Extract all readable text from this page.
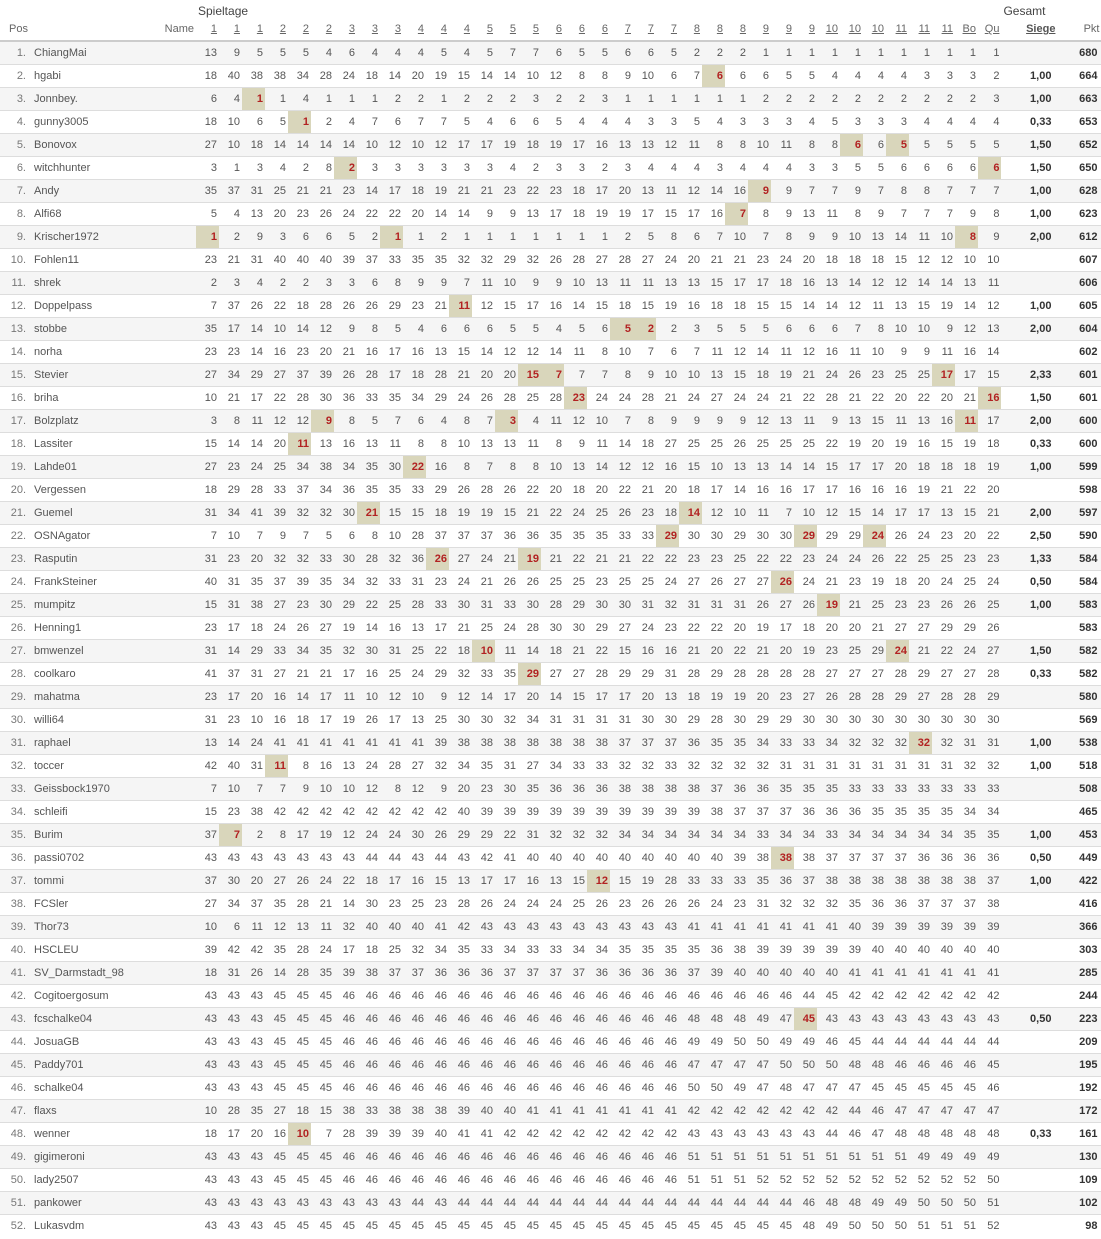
		Spieltage																																			Gesamt	
Pos	Name	1	1	1	2	2	2	3	3	3	4	4	4	5	5	5	6	6	6	7	7	7	8	8	8	9	9	9	10	10	10	11	11	11	Bo	Qu	Siege	Pkt
1.	ChiangMai	13	9	5	5	5	4	6	4	4	4	5	4	5	7	7	6	5	5	6	6	5	2	2	2	1	1	1	1	1	1	1	1	1	1	1		680
2.	hgabi	18	40	38	38	34	28	24	18	14	20	19	15	14	14	10	12	8	8	9	10	6	7	6	6	6	5	5	4	4	4	4	3	3	3	2	1,00	664
3.	Jonnbey.	6	4	1	1	4	1	1	1	2	2	1	2	2	2	3	2	2	3	1	1	1	1	1	1	2	2	2	2	2	2	2	2	2	2	3	1,00	663
4.	gunny3005	18	10	6	5	1	2	4	7	6	7	7	5	4	6	6	5	4	4	4	3	3	5	4	3	3	3	4	5	3	3	3	4	4	4	4	0,33	653
5.	Bonovox	27	10	18	14	14	14	14	10	12	10	12	17	17	19	18	19	17	16	13	13	12	11	8	8	10	11	8	8	6	6	5	5	5	5	5	1,50	652
6.	witchhunter	3	1	3	4	2	8	2	3	3	3	3	3	3	4	2	3	3	2	3	4	4	4	3	4	4	4	3	3	5	5	6	6	6	6	6	1,50	650
7.	Andy	35	37	31	25	21	21	23	14	17	18	19	21	21	23	22	23	18	17	20	13	11	12	14	16	9	9	7	7	9	7	8	8	7	7	7	1,00	628
8.	Alfi68	5	4	13	20	23	26	24	22	22	20	14	14	9	9	13	17	18	19	19	17	15	17	16	7	8	9	13	11	8	9	7	7	7	9	8	1,00	623
9.	Krischer1972	1	2	9	3	6	6	5	2	1	1	2	1	1	1	1	1	1	1	2	5	8	6	7	10	7	8	9	9	10	13	14	11	10	8	9	2,00	612
10.	Fohlen11	23	21	31	40	40	40	39	37	33	35	35	32	32	29	32	26	28	27	28	27	24	20	21	21	23	24	20	18	18	18	15	12	12	10	10		607
11.	shrek	2	3	4	2	2	3	3	6	8	9	9	7	11	10	9	9	10	13	11	11	13	13	15	17	17	18	16	13	14	12	12	14	14	13	11		606
12.	Doppelpass	7	37	26	22	18	28	26	26	29	23	21	11	12	15	17	16	14	15	18	15	19	16	18	18	15	15	14	14	12	11	13	15	19	14	12	1,00	605
13.	stobbe	35	17	14	10	14	12	9	8	5	4	6	6	6	5	5	4	5	6	5	2	2	3	5	5	5	6	6	6	7	8	10	10	9	12	13	2,00	604
14.	norha	23	23	14	16	23	20	21	16	17	16	13	15	14	12	12	14	11	8	10	7	6	7	11	12	14	11	12	16	11	10	9	9	11	16	14		602
15.	Stevier	27	34	29	27	37	39	26	28	17	18	28	21	20	20	15	7	7	7	8	9	10	10	13	15	18	19	21	24	26	23	25	25	17	17	15	2,33	601
16.	briha	10	21	17	22	28	30	36	33	35	34	29	24	26	28	25	28	23	24	24	28	21	24	27	24	24	21	22	28	21	22	20	22	20	21	16	1,50	601
17.	Bolzplatz	3	8	11	12	12	9	8	5	7	6	4	8	7	3	4	11	12	10	7	8	9	9	9	9	12	13	11	9	13	15	11	13	16	11	17	2,00	600
18.	Lassiter	15	14	14	20	11	13	16	13	11	8	8	10	13	13	11	8	9	11	14	18	27	25	25	26	25	25	25	22	19	20	19	16	15	19	18	0,33	600
19.	Lahde01	27	23	24	25	34	38	34	35	30	22	16	8	7	8	8	10	13	14	12	12	16	15	10	13	13	14	14	15	17	17	20	18	18	18	19	1,00	599
20.	Vergessen	18	29	28	33	37	34	36	35	35	33	29	26	28	26	22	20	18	20	22	21	20	18	17	14	16	16	17	17	16	16	16	19	21	22	20		598
21.	Guemel	31	34	41	39	32	32	30	21	15	15	18	19	19	15	21	22	24	25	26	23	18	14	12	10	11	7	10	12	15	14	17	17	13	15	21	2,00	597
22.	OSNAgator	7	10	7	9	7	5	6	8	10	28	37	37	37	36	36	35	35	35	33	33	29	30	30	29	30	30	29	29	29	24	26	24	23	20	22	2,50	590
23.	Rasputin	31	23	20	32	32	33	30	28	32	36	26	27	24	21	19	21	22	21	21	22	22	23	23	25	22	22	23	24	24	26	22	25	25	23	23	1,33	584
24.	FrankSteiner	40	31	35	37	39	35	34	32	33	31	23	24	21	26	26	25	25	23	25	25	24	27	26	27	27	26	24	21	23	19	18	20	24	25	24	0,50	584
25.	mumpitz	15	31	38	27	23	30	29	22	25	28	33	30	31	33	30	28	29	30	30	31	32	31	31	31	26	27	26	19	21	25	23	23	26	26	25	1,00	583
26.	Henning1	23	17	18	24	26	27	19	14	16	13	17	21	25	24	28	30	30	29	27	24	23	22	22	20	19	17	18	20	20	21	27	27	29	29	26		583
27.	bmwenzel	31	14	29	33	34	35	32	30	31	25	22	18	10	11	14	18	21	22	15	16	16	21	20	22	21	20	19	23	25	29	24	21	22	24	27	1,50	582
28.	coolkaro	41	37	31	27	21	21	17	16	25	24	29	32	33	35	29	27	27	28	29	29	31	28	29	28	28	28	28	27	27	27	28	29	27	27	28	0,33	582
29.	mahatma	23	17	20	16	14	17	11	10	12	10	9	12	14	17	20	14	15	17	17	20	13	18	19	19	20	23	27	26	28	28	29	27	28	28	29		580
30.	willi64	31	23	10	16	18	17	19	26	17	13	25	30	30	32	34	31	31	31	31	30	30	29	28	30	29	29	30	30	30	30	30	30	30	30	30		569
31.	raphael	13	14	24	41	41	41	41	41	41	41	39	38	38	38	38	38	38	38	37	37	37	36	35	35	34	33	33	34	32	32	32	32	32	31	31	1,00	538
32.	toccer	42	40	31	11	8	16	13	24	28	27	32	34	35	31	27	34	33	33	32	32	33	32	32	32	32	31	31	31	31	31	31	31	31	32	32	1,00	518
33.	Geissbock1970	7	10	7	7	9	10	10	12	8	12	9	20	23	30	35	36	36	36	38	38	38	38	37	36	36	35	35	35	33	33	33	33	33	33	33		508
34.	schleifi	15	23	38	42	42	42	42	42	42	42	42	40	39	39	39	39	39	39	39	39	39	39	38	37	37	37	36	36	36	35	35	35	35	34	34		465
35.	Burim	37	7	2	8	17	19	12	24	24	30	26	29	29	22	31	32	32	32	34	34	34	34	34	34	33	34	34	33	34	34	34	34	34	35	35	1,00	453
36.	passi0702	43	43	43	43	43	43	43	44	44	43	44	43	42	41	40	40	40	40	40	40	40	40	40	39	38	38	38	37	37	37	37	36	36	36	36	0,50	449
37.	tommi	37	30	20	27	26	24	22	18	17	16	15	13	17	17	16	13	15	12	15	19	28	33	33	33	35	36	37	38	38	38	38	38	38	38	37	1,00	422
38.	FCSler	27	34	37	35	28	21	14	30	23	25	23	28	26	24	24	24	25	26	23	26	26	26	24	23	31	32	32	32	35	36	36	37	37	37	38		416
39.	Thor73	10	6	11	12	13	11	32	40	40	40	41	42	43	43	43	43	43	43	43	43	43	41	41	41	41	41	41	41	40	39	39	39	39	39	39		366
40.	HSCLEU	39	42	42	35	28	24	17	18	25	32	34	35	33	34	33	33	34	34	35	35	35	35	36	38	39	39	39	39	39	40	40	40	40	40	40		303
41.	SV_Darmstadt_98	18	31	26	14	28	35	39	38	37	37	36	36	36	37	37	37	37	36	36	36	36	37	39	40	40	40	40	40	41	41	41	41	41	41	41		285
42.	Cogitoergosum	43	43	43	45	45	45	46	46	46	46	46	46	46	46	46	46	46	46	46	46	46	46	46	46	46	46	44	45	42	42	42	42	42	42	42		244
43.	fcschalke04	43	43	43	45	45	45	46	46	46	46	46	46	46	46	46	46	46	46	46	46	46	48	48	48	49	47	45	43	43	43	43	43	43	43	43	0,50	223
44.	JosuaGB	43	43	43	45	45	45	46	46	46	46	46	46	46	46	46	46	46	46	46	46	46	49	49	50	50	49	49	46	45	44	44	44	44	44	44		209
45.	Paddy701	43	43	43	45	45	45	46	46	46	46	46	46	46	46	46	46	46	46	46	46	46	47	47	47	47	50	50	50	48	48	46	46	46	46	45		195
46.	schalke04	43	43	43	45	45	45	46	46	46	46	46	46	46	46	46	46	46	46	46	46	46	50	50	49	47	48	47	47	47	45	45	45	45	45	46		192
47.	flaxs	10	28	35	27	18	15	38	33	38	38	38	39	40	40	41	41	41	41	41	41	41	42	42	42	42	42	42	42	44	46	47	47	47	47	47		172
48.	wenner	18	17	20	16	10	7	28	39	39	39	40	41	41	42	42	42	42	42	42	42	42	43	43	43	43	43	43	44	46	47	48	48	48	48	48	0,33	161
49.	gigimeroni	43	43	43	45	45	45	46	46	46	46	46	46	46	46	46	46	46	46	46	46	46	51	51	51	51	51	51	51	51	51	51	49	49	49	49		130
50.	lady2507	43	43	43	45	45	45	46	46	46	46	46	46	46	46	46	46	46	46	46	46	46	51	51	51	52	52	52	52	52	52	52	52	52	52	50		109
51.	pankower	43	43	43	43	43	43	43	43	43	44	43	44	44	44	44	44	44	44	44	44	44	44	44	44	44	44	46	48	48	49	49	50	50	50	51		102
52.	Lukasvdm	43	43	43	45	45	45	45	45	45	45	45	45	45	45	45	45	45	45	45	45	45	45	45	45	45	45	48	49	50	50	50	51	51	51	52		98
